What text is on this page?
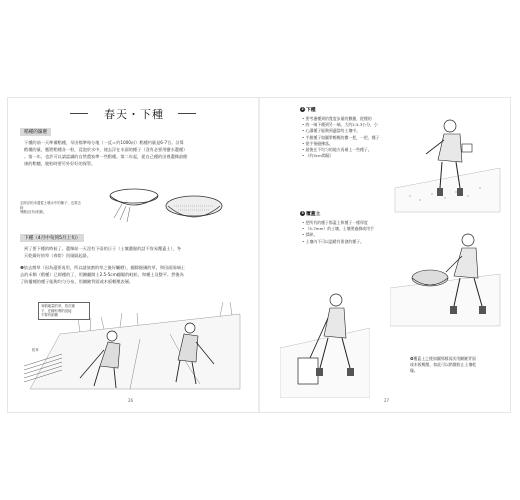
春天・下種
稻種的篩選
下種的前一天準備稻種，旱田標準每分地（一反＝約1000㎡）稻種約量是6-7合。計算
稻種的量，應將稻種各一粒，浸泡於水中，使去浮在水面的種子（沒有必要用鹽水選種）
。第一年，也許可以請認識的自然農家準一些稻種。第二年起，從自己種的田裡選擇最健
康的稻穗，脫粒時要另外好好的保管。
去除浮稻米遺從土壤水中的種子，也要去除
殘骸(沒有)稻穀。
下種（4月中旬到5月上旬）
到了要下種的時候了。選擇前一天沒有下雨的日子（土壤濃濕的話不容易覆蓋土），冬
天乾燥好的草（春筍）回頭隔起最。
❶依去割草（因為還要再用，所以請放割的草之後好曬晒），翻除掘圃的草，和田面兩端土
去的禾類（稻種）已經種的了，用鋤翻開土2.5-5cm翻鬆的畦粒，和種土及整平。然後為
了防播種的種子能夠均勻分布，用鋤鏟背面或木板輕壓表層。
刈稻地量的草，依次割
下，在種有利的直接
不要有兩層
乾草
26
2 下種
• 要考慮種到的寬度步量的撒播，從種的
• 的一端下種到另一端。大約2.5-3公分，小
• 心讓種子能夠到適當的土壤中。
• 手握種子如圖掌輕輕的撒一把，一把，種子
• 從手指縫拂落。
• 最後在不均勻的地方再補上一些種子。
• （約5cm間隔）
3 覆蓋土
• 把所有的種子都蓋上和種子一樣厚度
• （5-7mm）的土壤，土壤要過篩或用手
• 揉碎。
• 土壤內不可以溫暖有建發的種子。
❹覆蓋土之後如圖那樣再次用鋤鏟背面
或木板輕壓，如此可以稍微防止土壤乾
燥。
27
